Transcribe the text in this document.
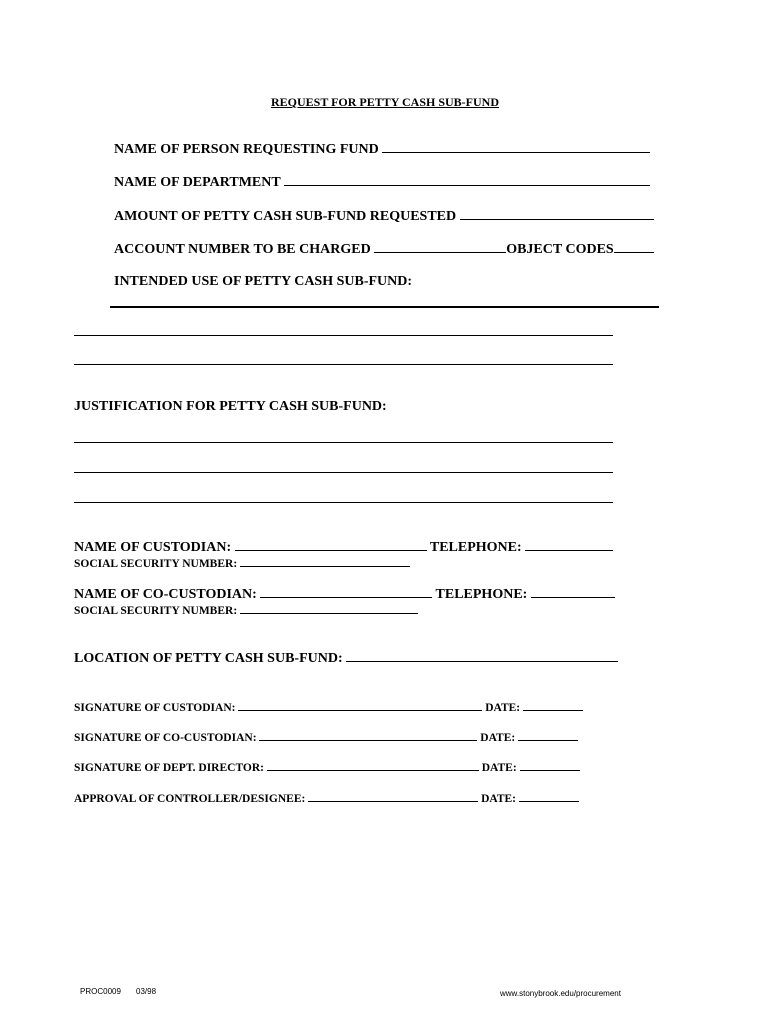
REQUEST FOR PETTY CASH SUB-FUND
NAME OF PERSON REQUESTING FUND
NAME OF DEPARTMENT
AMOUNT OF PETTY CASH SUB-FUND REQUESTED
ACCOUNT NUMBER TO BE CHARGED	OBJECT CODES
INTENDED USE OF PETTY CASH SUB-FUND:
JUSTIFICATION FOR PETTY CASH SUB-FUND:
NAME OF CUSTODIAN:	TELEPHONE:
SOCIAL SECURITY NUMBER:
NAME OF CO-CUSTODIAN:	TELEPHONE:
SOCIAL SECURITY NUMBER:
LOCATION OF PETTY CASH SUB-FUND:
SIGNATURE OF CUSTODIAN:	DATE:
SIGNATURE OF CO-CUSTODIAN:	DATE:
SIGNATURE OF DEPT. DIRECTOR:	DATE:
APPROVAL OF CONTROLLER/DESIGNEE:	DATE:
PROC0009 03/98	www.stonybrook.edu/procurement
